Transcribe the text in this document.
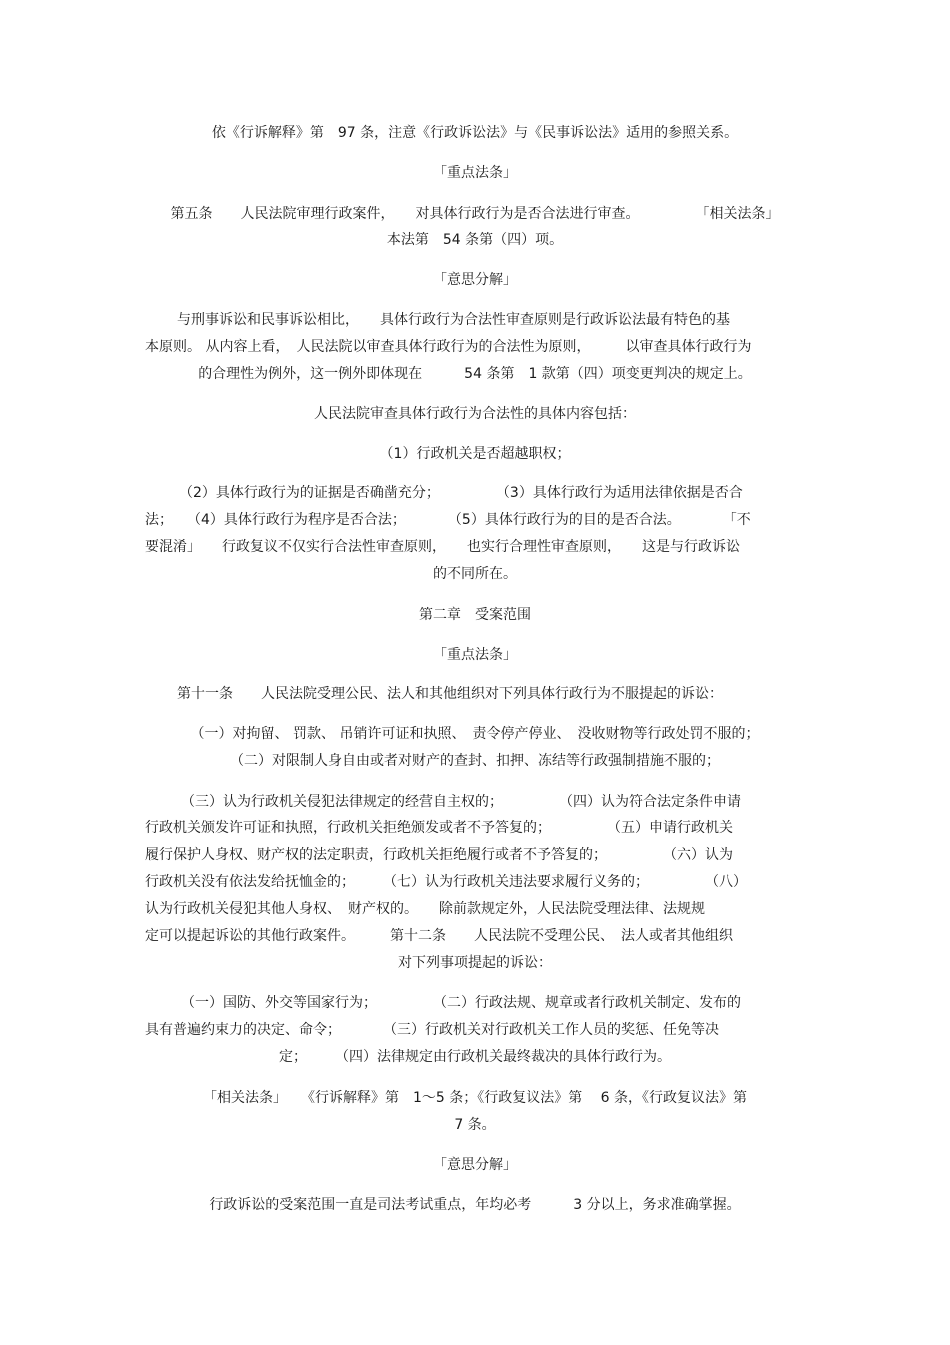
依《行诉解释》第　97 条，注意《行政诉讼法》与《民事诉讼法》适用的参照关系。
「重点法条」
第五条　　人民法院审理行政案件，　　对具体行政行为是否合法进行审查。　　　　　「相关法条」
本法第　54 条第（四）项。
「意思分解」
与刑事诉讼和民事诉讼相比，　　具体行政行为合法性审查原则是行政诉讼法最有特色的基
本原则。 从内容上看，　人民法院以审查具体行政行为的合法性为原则，　　　以审查具体行政行为
的合理性为例外，这一例外即体现在　　　54 条第　1 款第（四）项变更判决的规定上。
人民法院审查具体行政行为合法性的具体内容包括：
（1）行政机关是否超越职权；
（2）具体行政行为的证据是否确凿充分；　　　　　（3）具体行政行为适用法律依据是否合
法；　　（4）具体行政行为程序是否合法；　　　　（5）具体行政行为的目的是否合法。　　　　「不
要混淆」　　行政复议不仅实行合法性审查原则，　　也实行合理性审查原则，　　这是与行政诉讼
的不同所在。
第二章　受案范围
「重点法条」
第十一条　　人民法院受理公民、法人和其他组织对下列具体行政行为不服提起的诉讼：
（一）对拘留、 罚款、 吊销许可证和执照、　责令停产停业、　没收财物等行政处罚不服的；
（二）对限制人身自由或者对财产的查封、扣押、冻结等行政强制措施不服的；
（三）认为行政机关侵犯法律规定的经营自主权的；　　　　　（四）认为符合法定条件申请
行政机关颁发许可证和执照，行政机关拒绝颁发或者不予答复的；　　　　　（五）申请行政机关
履行保护人身权、财产权的法定职责，行政机关拒绝履行或者不予答复的；　　　　　（六）认为
行政机关没有依法发给抚恤金的；　　　（七）认为行政机关违法要求履行义务的；　　　　　（八）
认为行政机关侵犯其他人身权、　财产权的。　　除前款规定外，人民法院受理法律、法规规
定可以提起诉讼的其他行政案件。　　　第十二条　　人民法院不受理公民、　法人或者其他组织
对下列事项提起的诉讼：
（一）国防、外交等国家行为；　　　　　（二）行政法规、规章或者行政机关制定、发布的
具有普遍约束力的决定、命令；　　　　（三）行政机关对行政机关工作人员的奖惩、任免等决
定；　　　（四）法律规定由行政机关最终裁决的具体行政行为。
「相关法条」　　《行诉解释》第　1～5 条；《行政复议法》第　 6 条，《行政复议法》第
7 条。
「意思分解」
行政诉讼的受案范围一直是司法考试重点，年均必考　　　3 分以上，务求准确掌握。
